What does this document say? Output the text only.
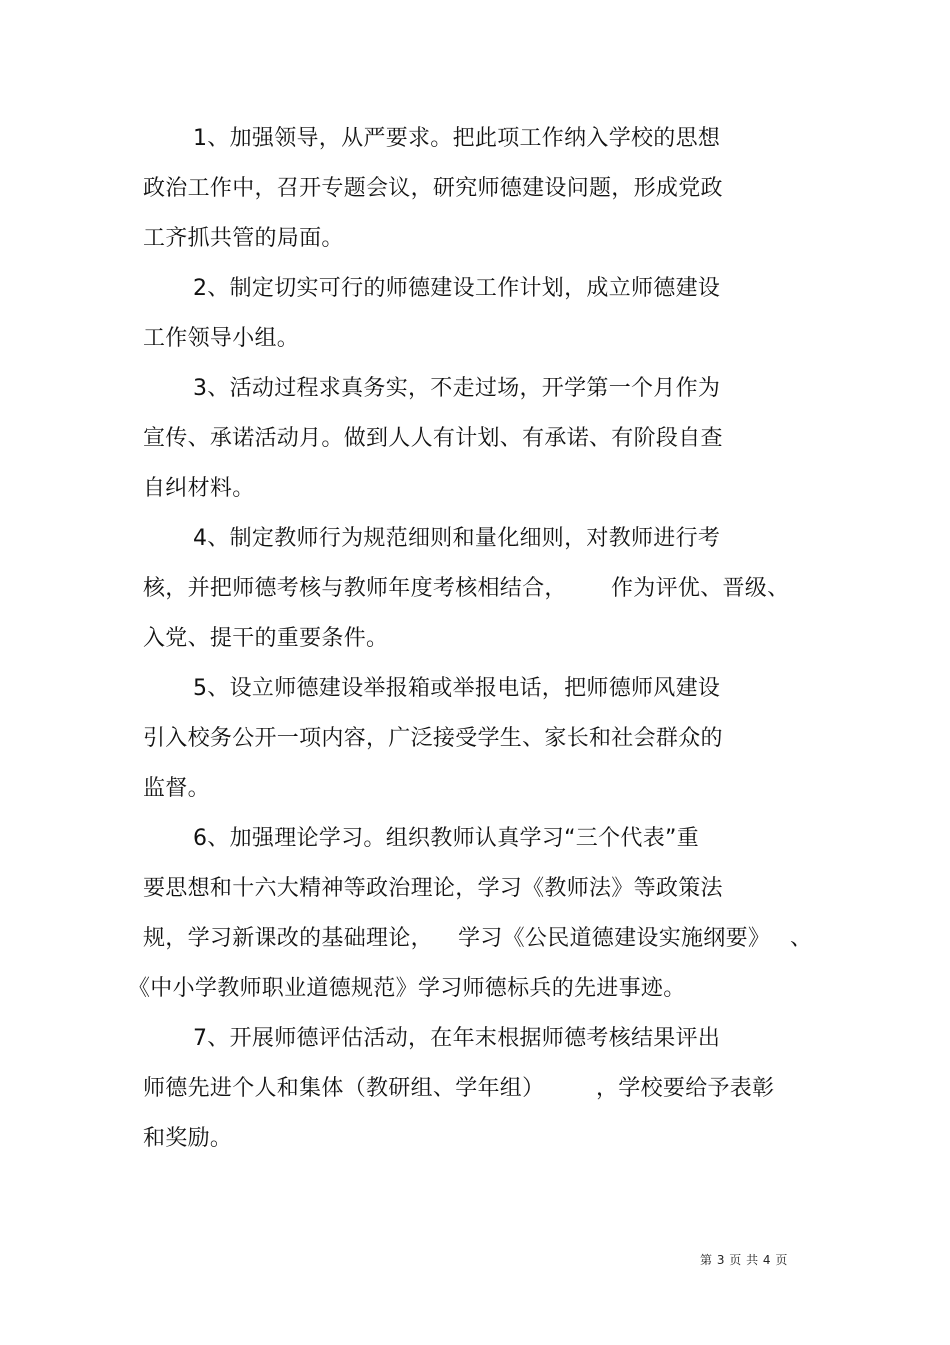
1、加强领导，从严要求。把此项工作纳入学校的思想
政治工作中，召开专题会议，研究师德建设问题，形成党政
工齐抓共管的局面。
2、制定切实可行的师德建设工作计划，成立师德建设
工作领导小组。
3、活动过程求真务实，不走过场，开学第一个月作为
宣传、承诺活动月。做到人人有计划、有承诺、有阶段自查
自纠材料。
4、制定教师行为规范细则和量化细则，对教师进行考
核，并把师德考核与教师年度考核相结合， 作为评优、晋级、
入党、提干的重要条件。
5、设立师德建设举报箱或举报电话，把师德师风建设
引入校务公开一项内容，广泛接受学生、家长和社会群众的
监督。
6、加强理论学习。组织教师认真学习“三个代表”重
要思想和十六大精神等政治理论，学习《教师法》等政策法
规，学习新课改的基础理论， 学习《公民道德建设实施纲要》 、
《中小学教师职业道德规范》学习师德标兵的先进事迹。
7、开展师德评估活动，在年末根据师德考核结果评出
师德先进个人和集体（教研组、学年组） ，学校要给予表彰
和奖励。
第 3 页 共 4 页
